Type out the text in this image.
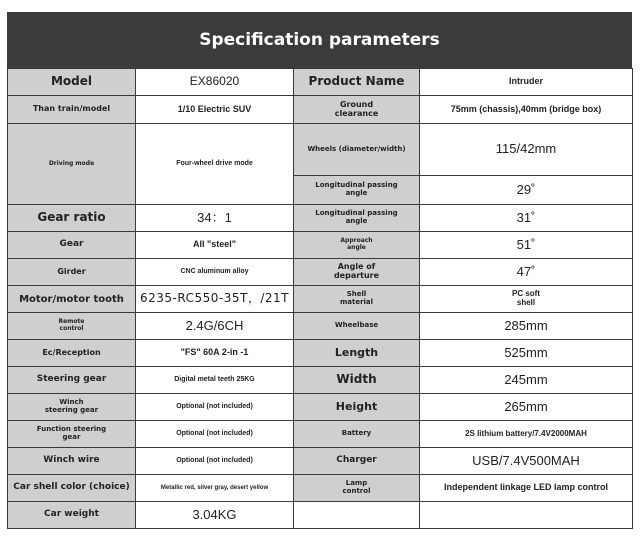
Specification parameters
Model	EX86020	Product Name	Intruder
Than train/model	1/10 Electric SUV	Ground
clearance	75mm (chassis),40mm (bridge box)
Driving mode	Four-wheel drive mode	Wheels (diameter/width)	115/42mm
		Longitudinal passing
angle	29˚
Gear ratio	34：1	Longitudinal passing
angle	31˚
Gear	All "steel"	Approach
angle	51˚
Girder	CNC aluminum alloy	Angle of
departure	47˚
Motor/motor tooth	6235-RC550-35T，/21T	Shell
material	PC soft
shell
Remote
control	2.4G/6CH	Wheelbase	285mm
Ec/Reception	"FS" 60A 2-in -1	Length	525mm
Steering gear	Digital metal teeth 25KG	Width	245mm
Winch
steering gear	Optional (not included)	Height	265mm
Function steering
gear	Optional (not included)	Battery	2S lithium battery/7.4V2000MAH
Winch wire	Optional (not included)	Charger	USB/7.4V500MAH
Car shell color (choice)	Metallic red, silver gray, desert yellow	Lamp
control	Independent linkage LED lamp control
Car weight	3.04KG		
